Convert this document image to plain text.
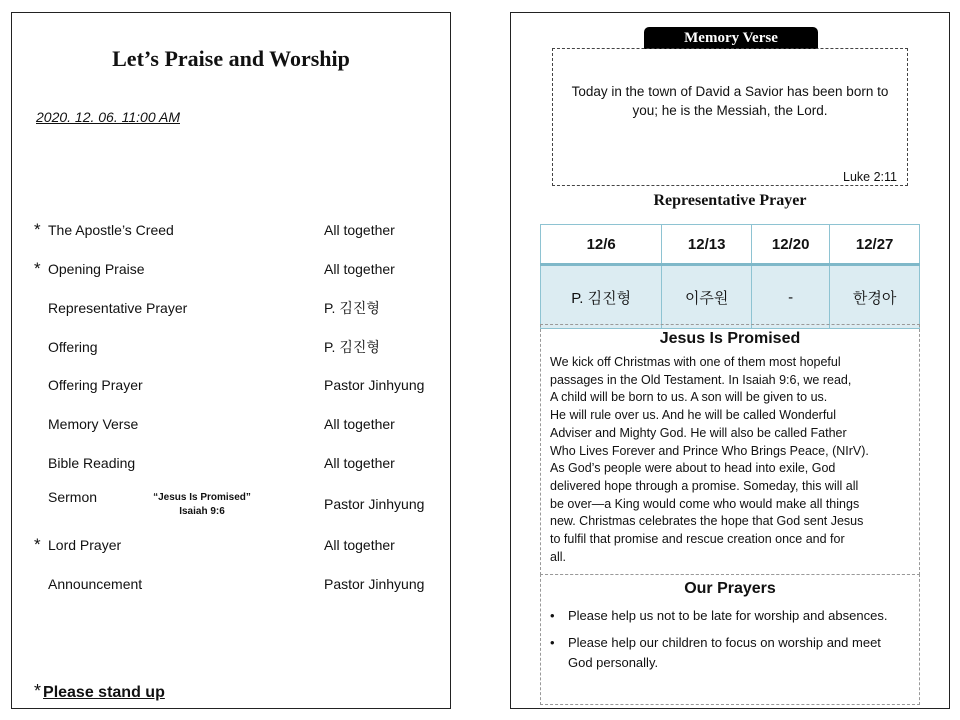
Let’s Praise and Worship
2020. 12. 06. 11:00 AM
* The Apostle’s Creed	All together
* Opening Praise	All together
Representative Prayer	P. 김진형
Offering	P. 김진형
Offering Prayer	Pastor Jinhyung
Memory Verse	All together
Bible Reading	All together
Sermon	Pastor Jinhyung
“Jesus Is Promised”
Isaiah 9:6
* Lord Prayer	All together
Announcement	Pastor Jinhyung
* Please stand up
Memory Verse
Today in the town of David a Savior has been born to you; he is the Messiah, the Lord.
Luke 2:11
Representative Prayer
12/6	12/13	12/20	12/27
P. 김진형	이주원	-	한경아
Jesus Is Promised
We kick off Christmas with one of them most hopeful
passages in the Old Testament. In Isaiah 9:6, we read,
A child will be born to us. A son will be given to us.
He will rule over us. And he will be called Wonderful
Adviser and Mighty God. He will also be called Father
Who Lives Forever and Prince Who Brings Peace, (NIrV).
As God’s people were about to head into exile, God
delivered hope through a promise. Someday, this will all
be over—a King would come who would make all things
new. Christmas celebrates the hope that God sent Jesus
to fulfil that promise and rescue creation once and for
all.
Our Prayers
• Please help us not to be late for worship and absences.
• Please help our children to focus on worship and meet God personally.
